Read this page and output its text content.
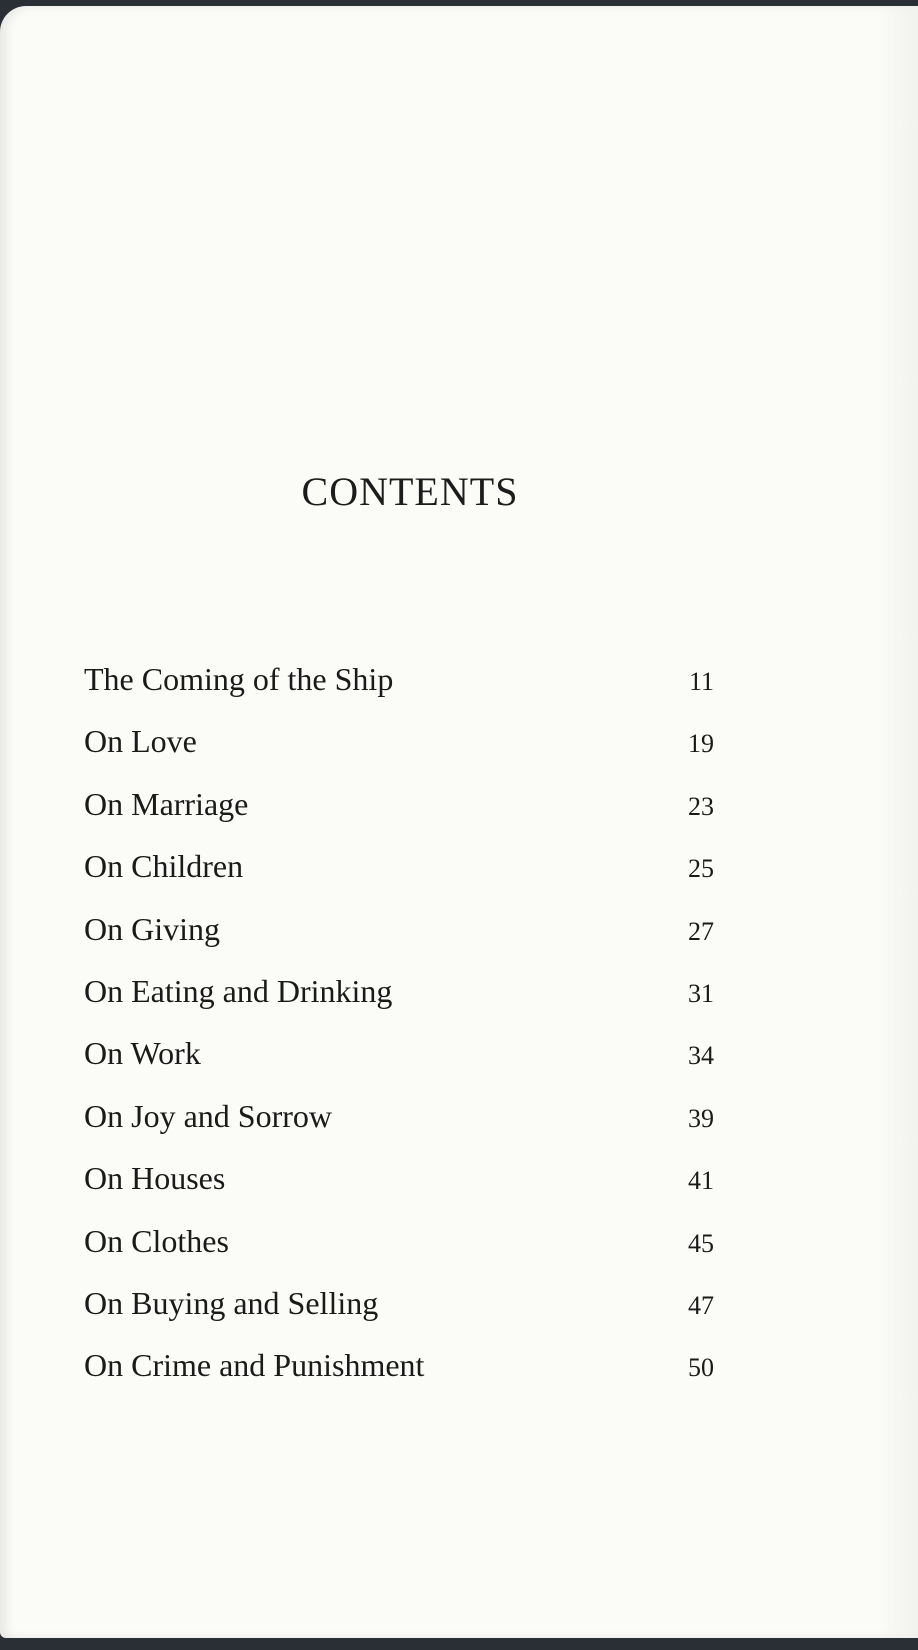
CONTENTS
The Coming of the Ship	11
On Love	19
On Marriage	23
On Children	25
On Giving	27
On Eating and Drinking	31
On Work	34
On Joy and Sorrow	39
On Houses	41
On Clothes	45
On Buying and Selling	47
On Crime and Punishment	50
